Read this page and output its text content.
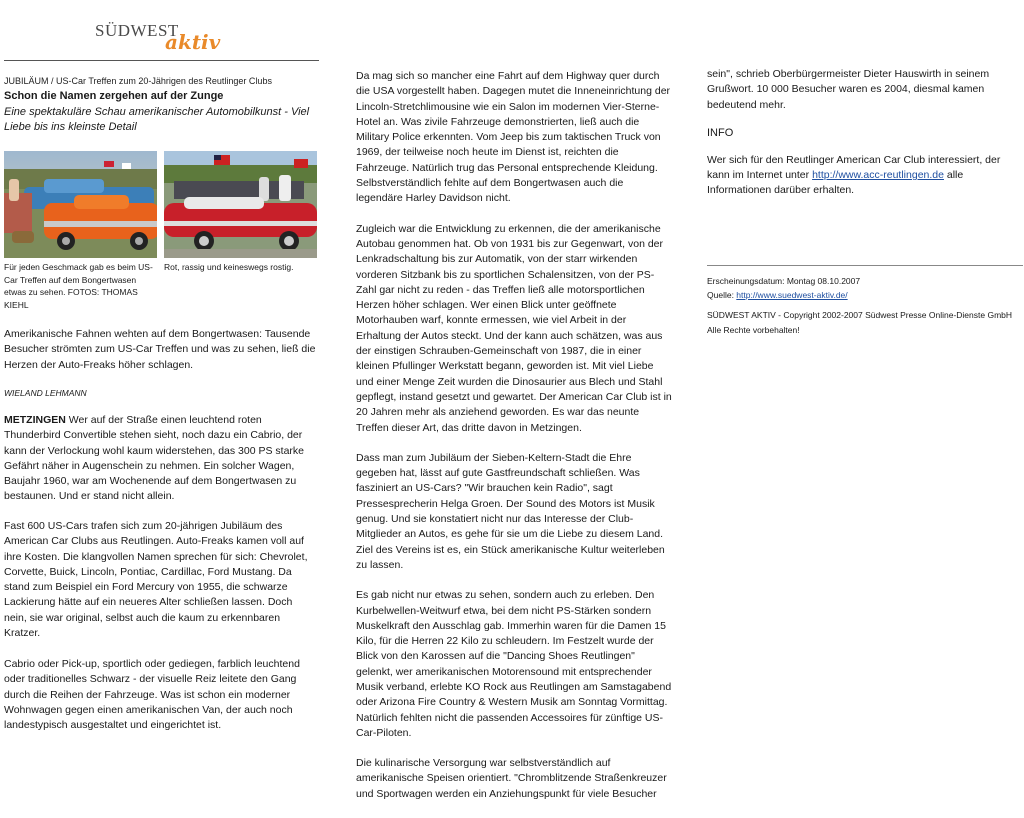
SÜDWEST
aktiv
JUBILÄUM / US-Car Treffen zum 20-Jährigen des Reutlinger Clubs
Schon die Namen zergehen auf der Zunge
Eine spektakuläre Schau amerikanischer Automobilkunst - Viel Liebe bis ins kleinste Detail
Für jeden Geschmack gab es beim US-Car Treffen auf dem Bongertwasen etwas zu sehen. FOTOS: THOMAS KIEHL
Rot, rassig und keineswegs rostig.

Amerikanische Fahnen wehten auf dem Bongertwasen: Tausende Besucher strömten zum US-Car Treffen und was zu sehen, ließ die Herzen der Auto-Freaks höher schlagen.

WIELAND LEHMANN

METZINGEN Wer auf der Straße einen leuchtend roten Thunderbird Convertible stehen sieht, noch dazu ein Cabrio, der kann der Verlockung wohl kaum widerstehen, das 300 PS starke Gefährt näher in Augenschein zu nehmen. Ein solcher Wagen, Baujahr 1960, war am Wochenende auf dem Bongertwasen zu bestaunen. Und er stand nicht allein.

Fast 600 US-Cars trafen sich zum 20-jährigen Jubiläum des American Car Clubs aus Reutlingen. Auto-Freaks kamen voll auf ihre Kosten. Die klangvollen Namen sprechen für sich: Chevrolet, Corvette, Buick, Lincoln, Pontiac, Cardillac, Ford Mustang. Da stand zum Beispiel ein Ford Mercury von 1955, die schwarze Lackierung hätte auf ein neueres Alter schließen lassen. Doch nein, sie war original, selbst auch die kaum zu erkennbaren Kratzer.

Cabrio oder Pick-up, sportlich oder gediegen, farblich leuchtend oder traditionelles Schwarz - der visuelle Reiz leitete den Gang durch die Reihen der Fahrzeuge. Was ist schon ein moderner Wohnwagen gegen einen amerikanischen Van, der auch noch landestypisch ausgestaltet und eingerichtet ist.

Da mag sich so mancher eine Fahrt auf dem Highway quer durch die USA vorgestellt haben. Dagegen mutet die Inneneinrichtung der Lincoln-Stretchlimousine wie ein Salon im modernen Vier-Sterne-Hotel an. Was zivile Fahrzeuge demonstrierten, ließ auch die Military Police erkennten. Vom Jeep bis zum taktischen Truck von 1969, der teilweise noch heute im Dienst ist, reichten die Fahrzeuge. Natürlich trug das Personal entsprechende Kleidung. Selbstverständlich fehlte auf dem Bongertwasen auch die legendäre Harley Davidson nicht.

Zugleich war die Entwicklung zu erkennen, die der amerikanische Autobau genommen hat. Ob von 1931 bis zur Gegenwart, von der Lenkradschaltung bis zur Automatik, von der starr wirkenden vorderen Sitzbank bis zu sportlichen Schalensitzen, von der PS-Zahl gar nicht zu reden - das Treffen ließ alle motorsportlichen Herzen höher schlagen. Wer einen Blick unter geöffnete Motorhauben warf, konnte ermessen, wie viel Arbeit in der Erhaltung der Autos steckt. Und der kann auch schätzen, was aus der einstigen Schrauben-Gemeinschaft von 1987, die in einer kleinen Pfullinger Werkstatt begann, geworden ist. Mit viel Liebe und einer Menge Zeit wurden die Dinosaurier aus Blech und Stahl gepflegt, instand gesetzt und gewartet. Der American Car Club ist in 20 Jahren mehr als anziehend geworden. Es war das neunte Treffen dieser Art, das dritte davon in Metzingen.

Dass man zum Jubiläum der Sieben-Keltern-Stadt die Ehre gegeben hat, lässt auf gute Gastfreundschaft schließen. Was fasziniert an US-Cars? "Wir brauchen kein Radio", sagt Pressesprecherin Helga Groen. Der Sound des Motors ist Musik genug. Und sie konstatiert nicht nur das Interesse der Club-Mitglieder an Autos, es gehe für sie um die Liebe zu diesem Land. Ziel des Vereins ist es, ein Stück amerikanische Kultur weiterleben zu lassen.

Es gab nicht nur etwas zu sehen, sondern auch zu erleben. Den Kurbelwellen-Weitwurf etwa, bei dem nicht PS-Stärken sondern Muskelkraft den Ausschlag gab. Immerhin waren für die Damen 15 Kilo, für die Herren 22 Kilo zu schleudern. Im Festzelt wurde der Blick von den Karossen auf die "Dancing Shoes Reutlingen" gelenkt, wer amerikanischen Motorensound mit entsprechender Musik verband, erlebte KO Rock aus Reutlingen am Samstagabend oder Arizona Fire Country & Western Musik am Sonntag Vormittag. Natürlich fehlten nicht die passenden Accessoires für zünftige US-Car-Piloten.

Die kulinarische Versorgung war selbstverständlich auf amerikanische Speisen orientiert. "Chromblitzende Straßenkreuzer und Sportwagen werden ein Anziehungspunkt für viele Besucher

sein", schrieb Oberbürgermeister Dieter Hauswirth in seinem Grußwort. 10 000 Besucher waren es 2004, diesmal kamen bedeutend mehr.

INFO

Wer sich für den Reutlinger American Car Club interessiert, der kann im Internet unter http://www.acc-reutlingen.de alle Informationen darüber erhalten.

Erscheinungsdatum: Montag 08.10.2007
Quelle: http://www.suedwest-aktiv.de/
SÜDWEST AKTIV - Copyright 2002-2007 Südwest Presse Online-Dienste GmbH
Alle Rechte vorbehalten!
